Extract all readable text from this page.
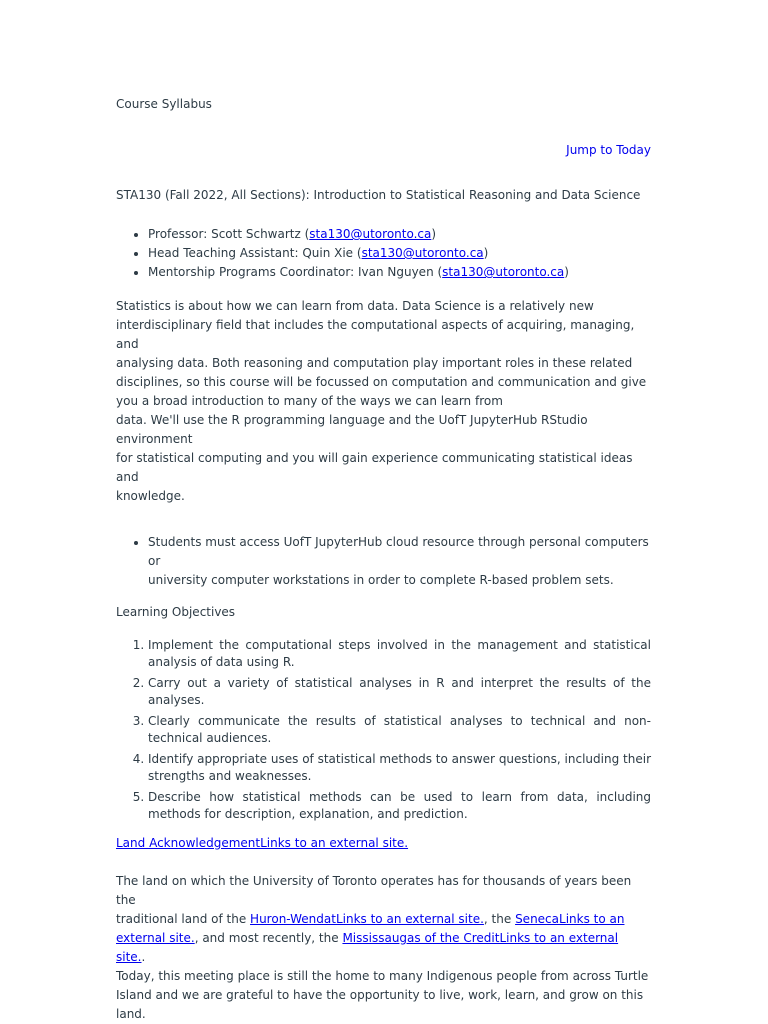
Course Syllabus
Jump to Today
STA130 (Fall 2022, All Sections): Introduction to Statistical Reasoning and Data Science
• Professor: Scott Schwartz (sta130@utoronto.ca)
• Head Teaching Assistant: Quin Xie (sta130@utoronto.ca)
• Mentorship Programs Coordinator: Ivan Nguyen (sta130@utoronto.ca)
Statistics is about how we can learn from data. Data Science is a relatively new
interdisciplinary field that includes the computational aspects of acquiring, managing, and
analysing data. Both reasoning and computation play important roles in these related
disciplines, so this course will be focussed on computation and communication and give
you a broad introduction to many of the ways we can learn from
data. We'll use the R programming language and the UofT JupyterHub RStudio environment
for statistical computing and you will gain experience communicating statistical ideas and
knowledge.
• Students must access UofT JupyterHub cloud resource through personal computers or
university computer workstations in order to complete R-based problem sets.
Learning Objectives
1. Implement the computational steps involved in the management and statistical analysis of data using R.
2. Carry out a variety of statistical analyses in R and interpret the results of the analyses.
3. Clearly communicate the results of statistical analyses to technical and non-technical audiences.
4. Identify appropriate uses of statistical methods to answer questions, including their strengths and weaknesses.
5. Describe how statistical methods can be used to learn from data, including methods for description, explanation, and prediction.
Land AcknowledgementLinks to an external site.
The land on which the University of Toronto operates has for thousands of years been the
traditional land of the Huron-WendatLinks to an external site., the SenecaLinks to an
external site., and most recently, the Mississaugas of the CreditLinks to an external site..
Today, this meeting place is still the home to many Indigenous people from across Turtle
Island and we are grateful to have the opportunity to live, work, learn, and grow on this
land.
